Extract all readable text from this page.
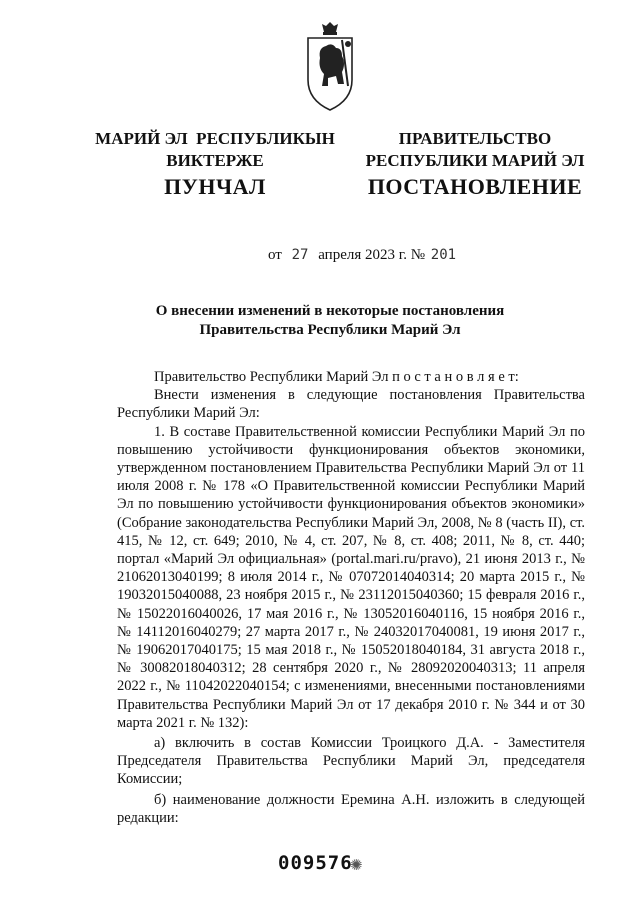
МАРИЙ ЭЛ  РЕСПУБЛИКЫН
ВИКТЕРЖЕ
ПУНЧАЛ
ПРАВИТЕЛЬСТВО
РЕСПУБЛИКИ МАРИЙ ЭЛ
ПОСТАНОВЛЕНИЕ
от 27 апреля 2023 г. № 201
О внесении изменений в некоторые постановления
Правительства Республики Марий Эл

Правительство Республики Марий Эл п о с т а н о в л я е т:

Внести изменения в следующие постановления Правительства Республики Марий Эл:

1. В составе Правительственной комиссии Республики Марий Эл по повышению устойчивости функционирования объектов экономики, утвержденном постановлением Правительства Республики Марий Эл от 11 июля 2008 г. № 178 «О Правительственной комиссии Республики Марий Эл по повышению устойчивости функционирования объектов экономики» (Собрание законодательства Республики Марий Эл, 2008, № 8 (часть II), ст. 415, № 12, ст. 649; 2010, № 4, ст. 207, № 8, ст. 408; 2011, № 8, ст. 440; портал «Марий Эл официальная» (portal.mari.ru/pravo), 21 июня 2013 г., № 21062013040199; 8 июля 2014 г., № 07072014040314; 20 марта 2015 г., № 19032015040088, 23 ноября 2015 г., № 23112015040360; 15 февраля 2016 г., № 15022016040026, 17 мая 2016 г., № 13052016040116, 15 ноября 2016 г., № 14112016040279; 27 марта 2017 г., № 24032017040081, 19 июня 2017 г., № 19062017040175; 15 мая 2018 г., № 15052018040184, 31 августа 2018 г., № 30082018040312; 28 сентября 2020 г., № 28092020040313; 11 апреля 2022 г., № 11042022040154; с изменениями, внесенными постановлениями Правительства Республики Марий Эл от 17 декабря 2010 г. № 344 и от 30 марта 2021 г. № 132):

а) включить в состав Комиссии Троицкого Д.А. - Заместителя Председателя Правительства Республики Марий Эл, председателя Комиссии;

б) наименование должности Еремина А.Н. изложить в следующей редакции:

009576
✺
